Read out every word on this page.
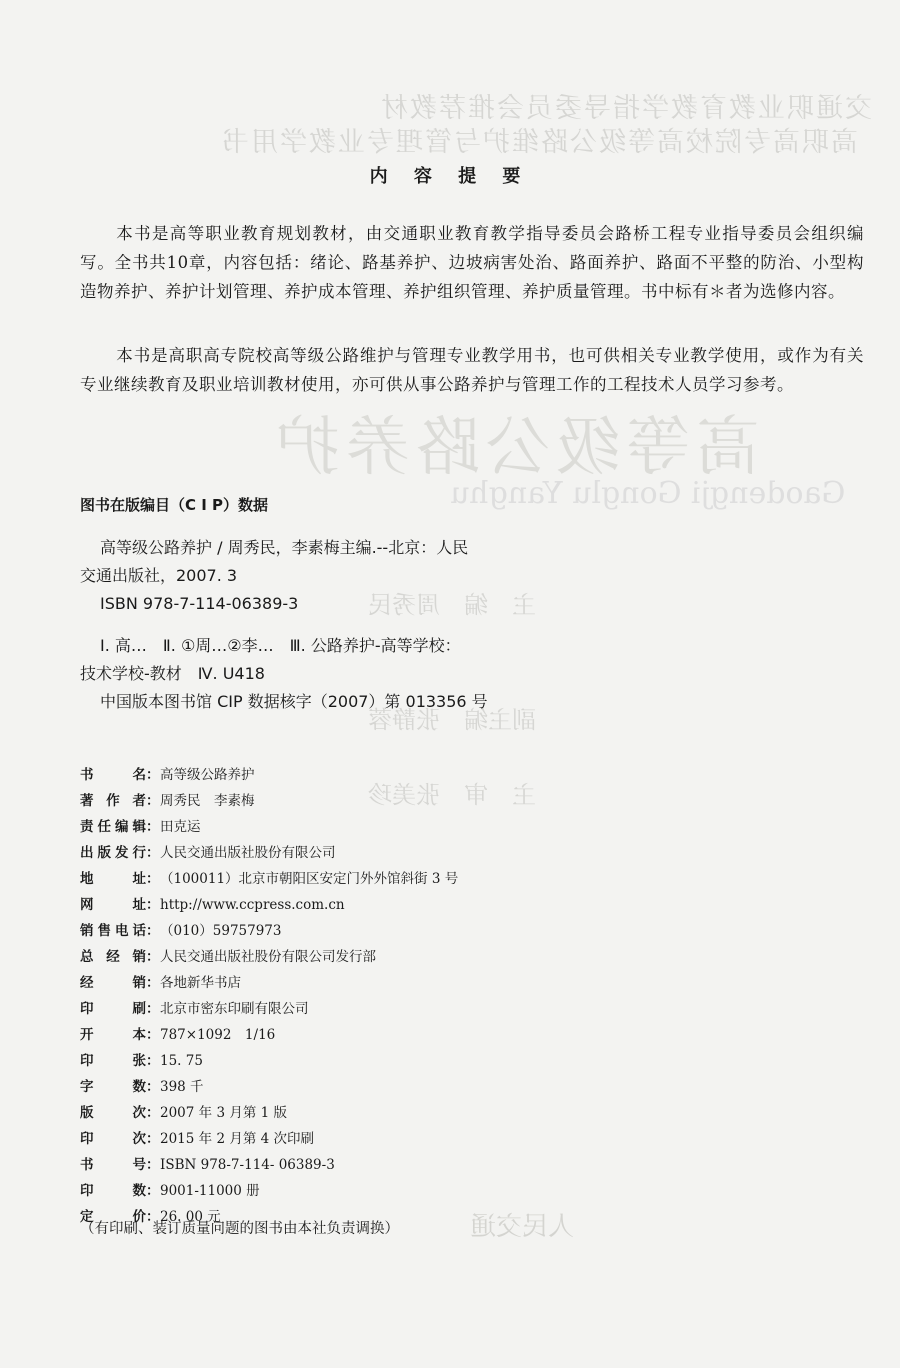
交通职业教育教学指导委员会推荐教材
高职高专院校高等级公路维护与管理专业教学用书
高等级公路养护
Gaodengji Gonglu Yanghu
主　编　周秀民
副主编　张静蓉
主　审　张美珍
人民交通
内 容 提 要

本书是高等职业教育规划教材，由交通职业教育教学指导委员会路桥工程专业指导委员会组织编写。全书共10章，内容包括：绪论、路基养护、边坡病害处治、路面养护、路面不平整的防治、小型构造物养护、养护计划管理、养护成本管理、养护组织管理、养护质量管理。书中标有＊者为选修内容。

本书是高职高专院校高等级公路维护与管理专业教学用书，也可供相关专业教学使用，或作为有关专业继续教育及职业培训教材使用，亦可供从事公路养护与管理工作的工程技术人员学习参考。

图书在版编目（C I P）数据
高等级公路养护 / 周秀民，李素梅主编.--北京：人民
交通出版社，2007. 3
ISBN 978-7-114-06389-3
Ⅰ. 高…　Ⅱ. ①周…②李…　Ⅲ. 公路养护-高等学校：
技术学校-教材　Ⅳ. U418
中国版本图书馆 CIP 数据核字（2007）第 013356 号
书名 ： 高等级公路养护
著作者 ： 周秀民　李素梅
责任编辑 ： 田克运
出版发行 ： 人民交通出版社股份有限公司
地址 ： （100011）北京市朝阳区安定门外外馆斜街 3 号
网址 ： http://www.ccpress.com.cn
销售电话 ： （010）59757973
总经销 ： 人民交通出版社股份有限公司发行部
经销 ： 各地新华书店
印刷 ： 北京市密东印刷有限公司
开本 ： 787×1092　1/16
印张 ： 15. 75
字数 ： 398 千
版次 ： 2007 年 3 月第 1 版
印次 ： 2015 年 2 月第 4 次印刷
书号 ： ISBN 978-7-114- 06389-3
印数 ： 9001-11000 册
定价 ： 26. 00 元
（有印刷、装订质量问题的图书由本社负责调换）
